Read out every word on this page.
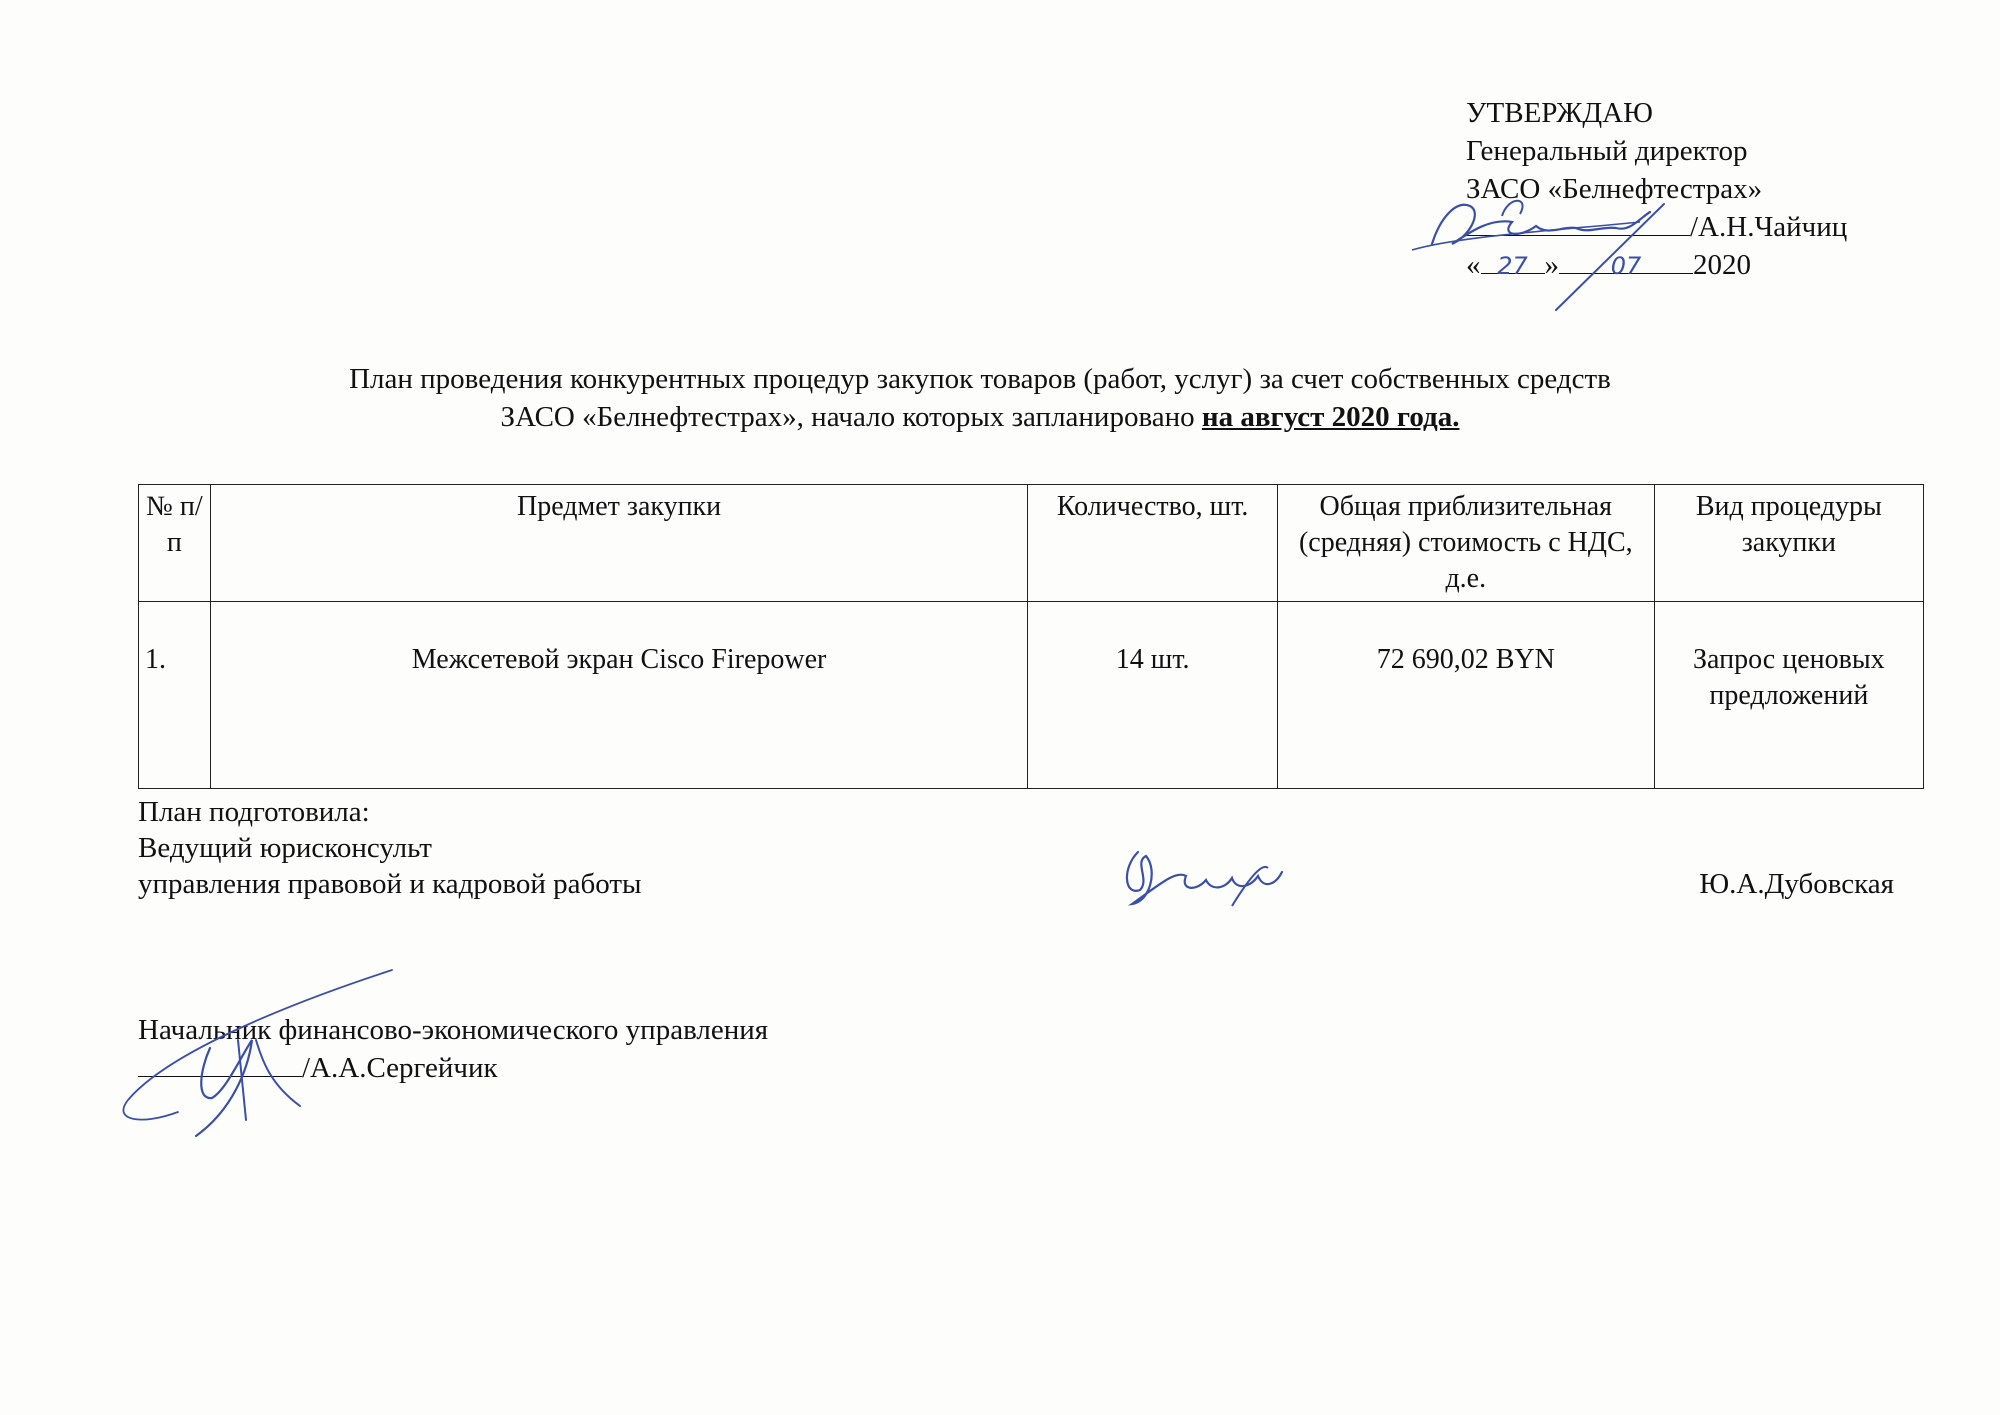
УТВЕРЖДАЮ
Генеральный директор
ЗАСО «Белнефтестрах»
/А.Н.Чайчиц
« 27 » 07 2020
План проведения конкурентных процедур закупок товаров (работ, услуг) за счет собственных средств
ЗАСО «Белнефтестрах», начало которых запланировано на август 2020 года.
№ п/п	Предмет закупки	Количество, шт.	Общая приблизительная (средняя) стоимость с НДС, д.е.	Вид процедуры закупки
1.	Межсетевой экран Cisco Firepower	14 шт.	72 690,02 BYN	Запрос ценовых предложений
План подготовила:
Ведущий юрисконсульт
управления правовой и кадровой работы	Ю.А.Дубовская
Начальник финансово-экономического управления
/А.А.Сергейчик
